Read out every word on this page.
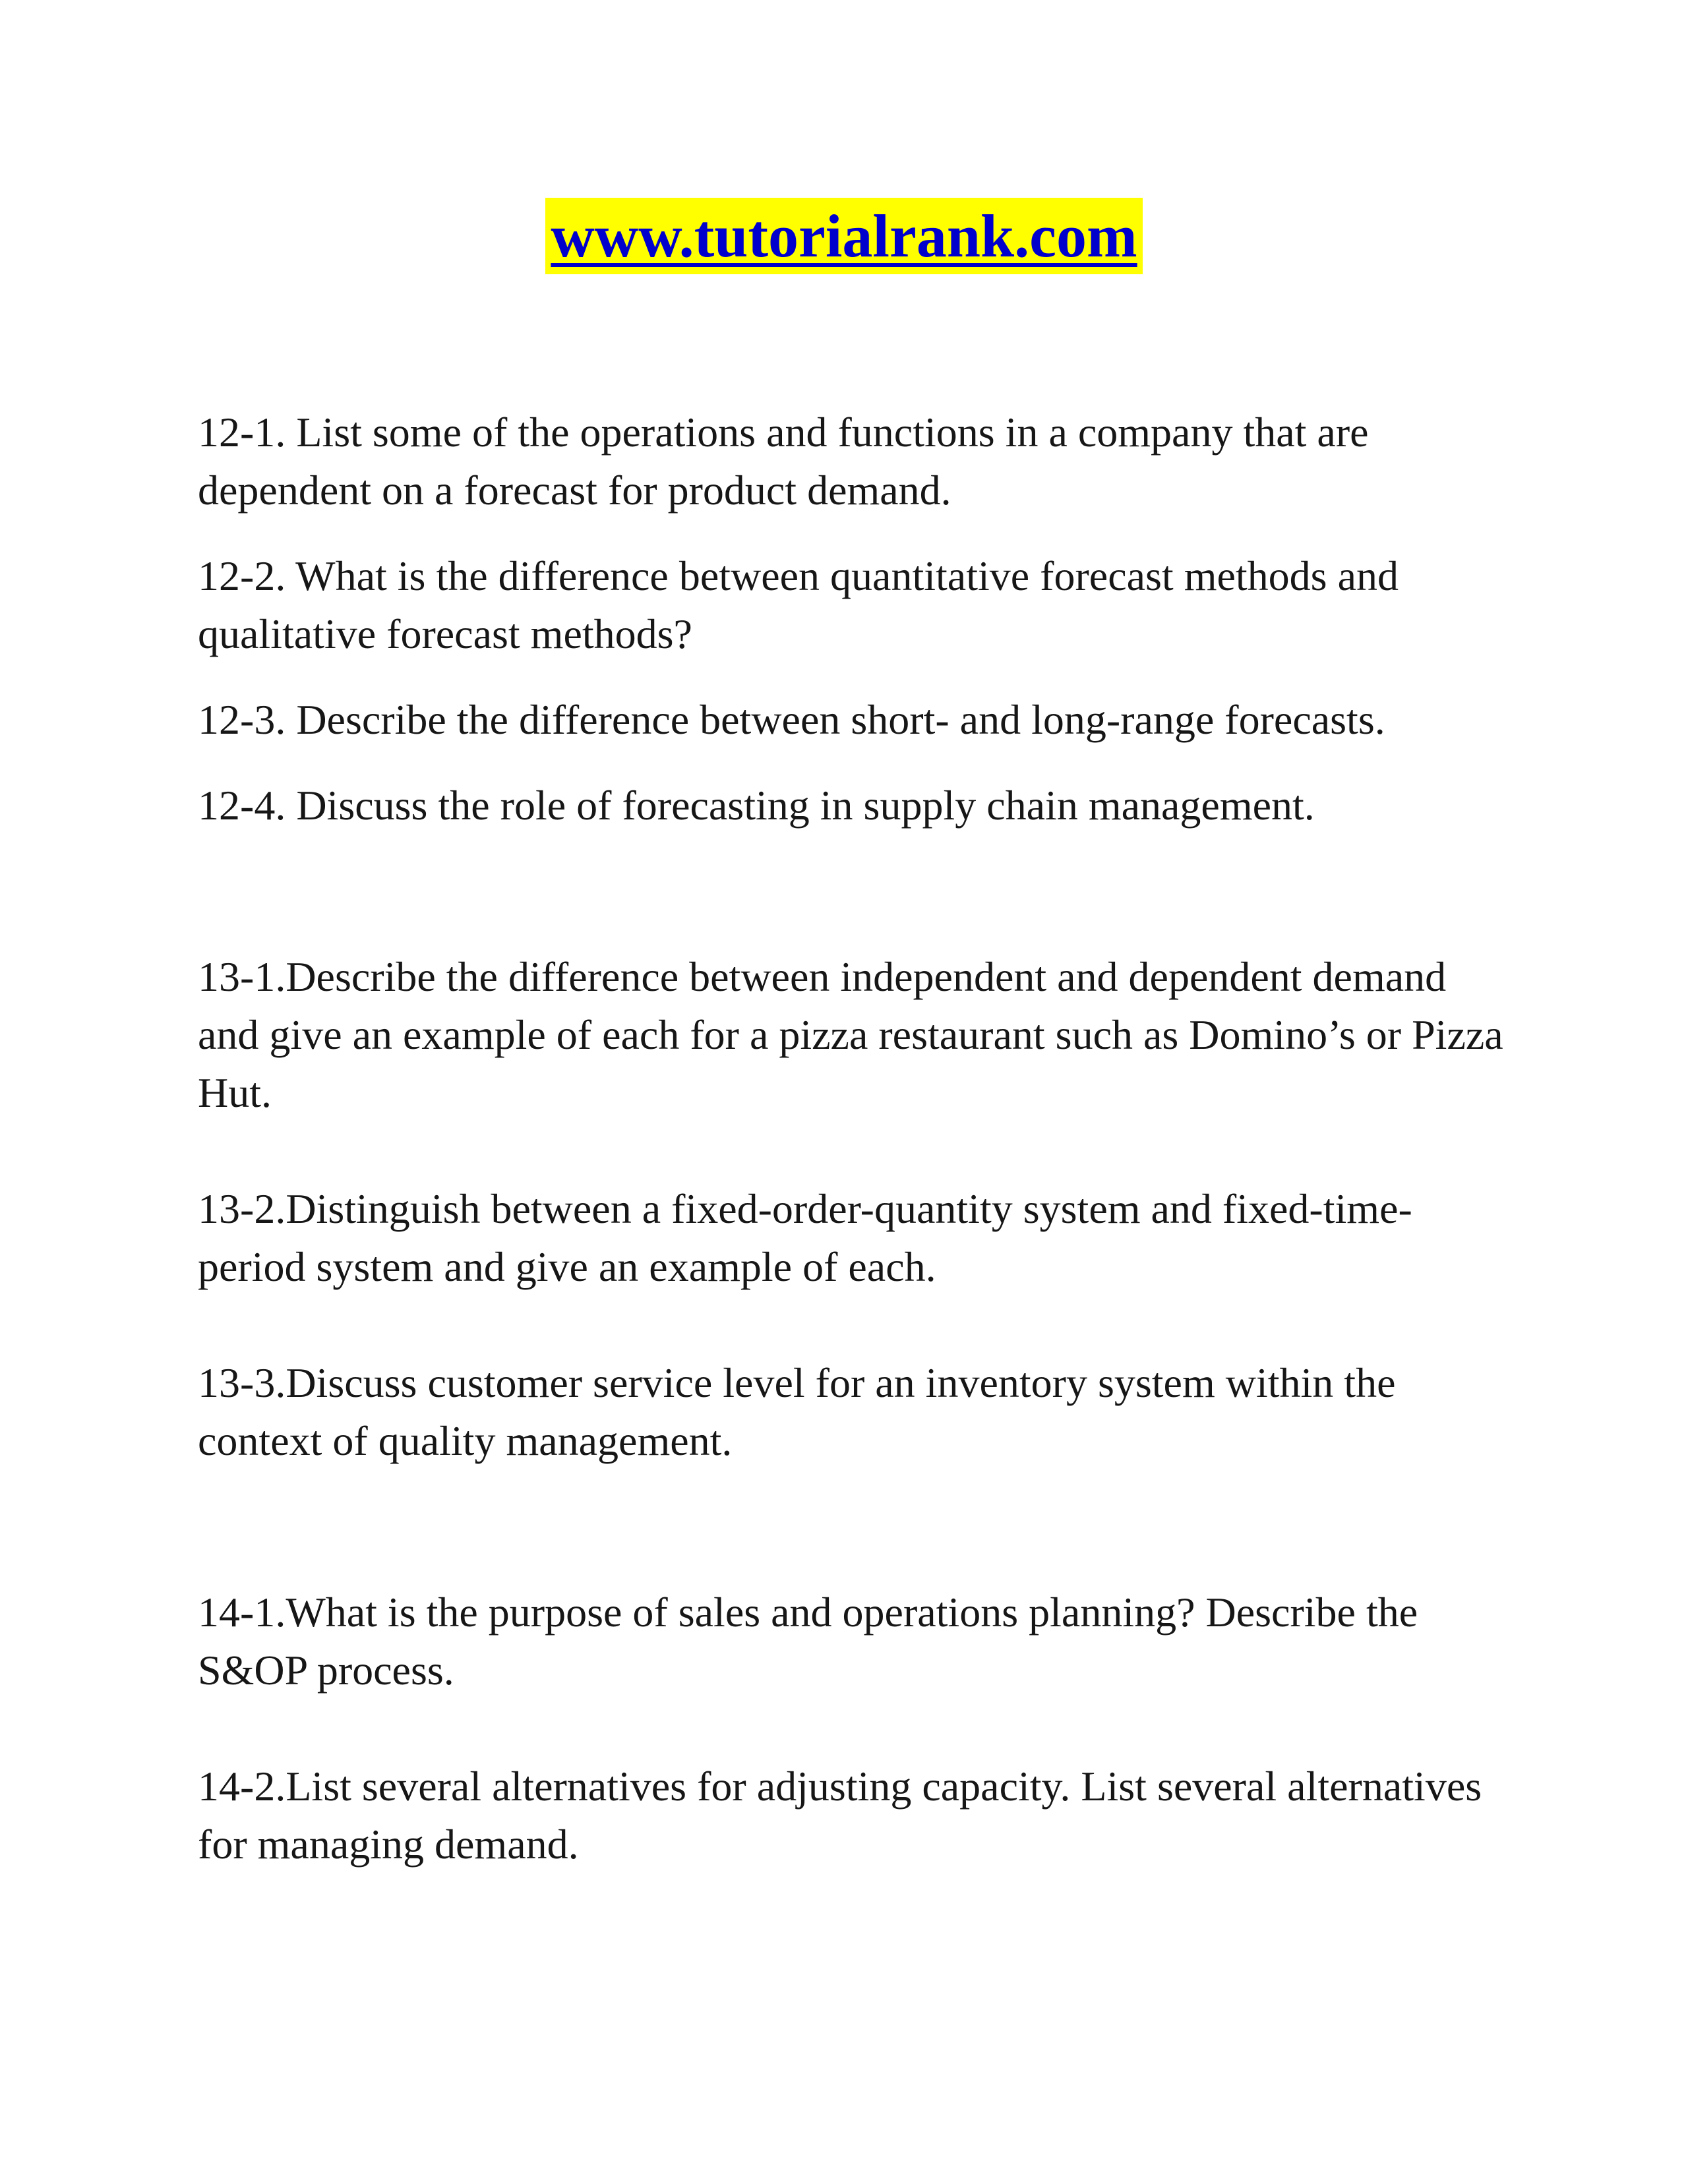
www.tutorialrank.com

12-1. List some of the operations and functions in a company that are dependent on a forecast for product demand.

12-2. What is the difference between quantitative forecast methods and qualitative forecast methods?

12-3. Describe the difference between short- and long-range forecasts.

12-4. Discuss the role of forecasting in supply chain management.

13-1.Describe the difference between independent and dependent demand and give an example of each for a pizza restaurant such as Domino’s or Pizza Hut.

13-2.Distinguish between a fixed-order-quantity system and fixed-time-period system and give an example of each.

13-3.Discuss customer service level for an inventory system within the context of quality management.

14-1.What is the purpose of sales and operations planning? Describe the S&OP process.

14-2.List several alternatives for adjusting capacity. List several alternatives for managing demand.
